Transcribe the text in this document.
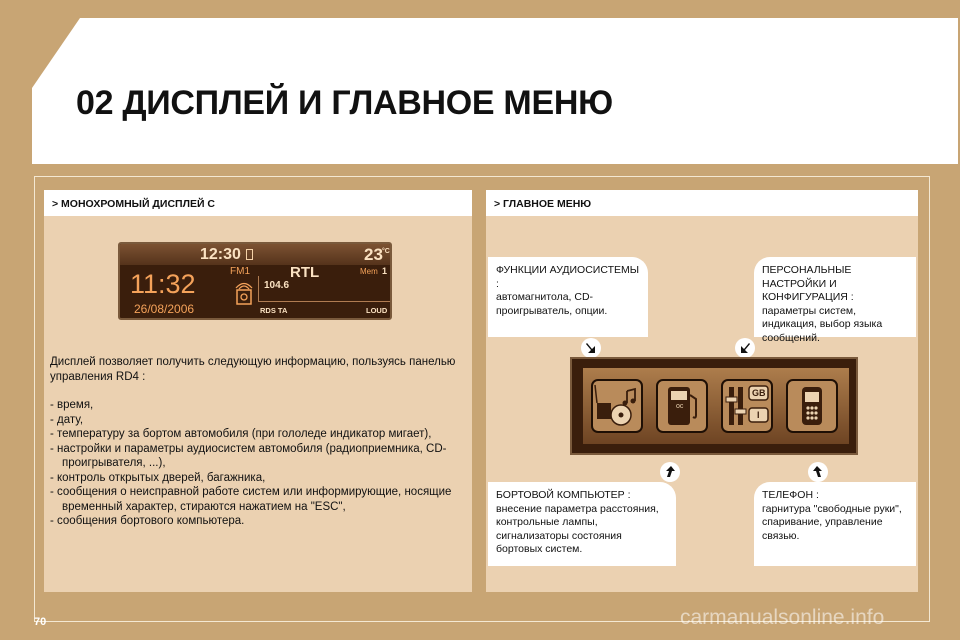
02 ДИСПЛЕЙ И ГЛАВНОЕ МЕНЮ
> МОНОХРОМНЫЙ ДИСПЛЕЙ С
12:30	23 °C
11:32
26/08/2006
FM1	RTL	Mem 1
104.6
RDS TA	LOUD
Дисплей позволяет получить следующую информацию, пользуясь панелью управления RD4 :
- время,
- дату,
- температуру за бортом автомобиля (при гололеде индикатор мигает),
- настройки и параметры аудиосистем автомобиля (радиоприемника, CD-проигрывателя, ...),
- контроль открытых дверей, багажника,
- сообщения о неисправной работе систем или информирующие, носящие временный характер, стираются нажатием на "ESC",
- сообщения бортового компьютера.
> ГЛАВНОЕ МЕНЮ
ФУНКЦИИ АУДИОСИСТЕМЫ :
автомагнитола, CD-проигрыватель, опции.
ПЕРСОНАЛЬНЫЕ НАСТРОЙКИ И КОНФИГУРАЦИЯ :
параметры систем, индикация, выбор языка сообщений.
БОРТОВОЙ КОМПЬЮТЕР :
внесение параметра расстояния, контрольные лампы, сигнализаторы состояния бортовых систем.
ТЕЛЕФОН :
гарнитура "свободные руки", спаривание, управление связью.
oc
GB
I
70	carmanualsonline.info
